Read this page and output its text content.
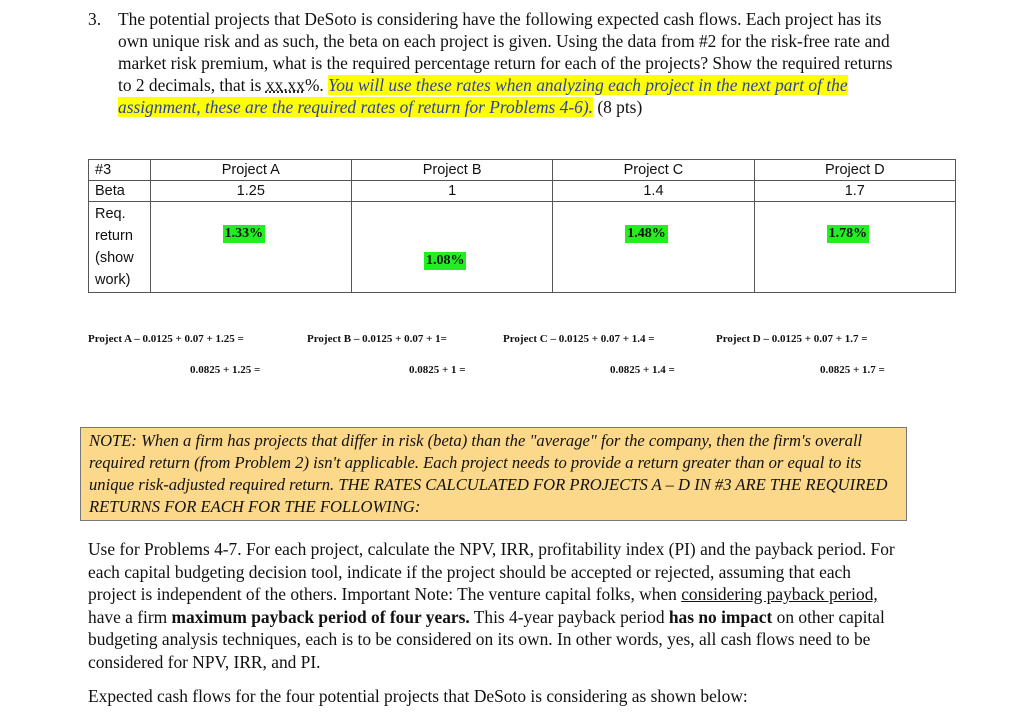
3. The potential projects that DeSoto is considering have the following expected cash flows. Each project has its own unique risk and as such, the beta on each project is given. Using the data from #2 for the risk-free rate and market risk premium, what is the required percentage return for each of the projects? Show the required returns to 2 decimals, that is xx.xx%. You will use these rates when analyzing each project in the next part of the assignment, these are the required rates of return for Problems 4-6). (8 pts)
#3	Project A	Project B	Project C	Project D
Beta	1.25	1	1.4	1.7

Req.
return
(show
work)	1.33%	1.08%	1.48%	1.78%
Project A – 0.0125 + 0.07 + 1.25 =
0.0825 + 1.25 =
Project B – 0.0125 + 0.07 + 1=
0.0825 + 1 =
Project C – 0.0125 + 0.07 + 1.4 =
0.0825 + 1.4 =
Project D – 0.0125 + 0.07 + 1.7 =
0.0825 + 1.7 =
NOTE: When a firm has projects that differ in risk (beta) than the "average" for the company, then the firm's overall required return (from Problem 2) isn't applicable. Each project needs to provide a return greater than or equal to its unique risk-adjusted required return. THE RATES CALCULATED FOR PROJECTS A – D IN #3 ARE THE REQUIRED RETURNS FOR EACH FOR THE FOLLOWING:
Use for Problems 4-7. For each project, calculate the NPV, IRR, profitability index (PI) and the payback period. For each capital budgeting decision tool, indicate if the project should be accepted or rejected, assuming that each project is independent of the others. Important Note: The venture capital folks, when considering payback period, have a firm maximum payback period of four years. This 4-year payback period has no impact on other capital budgeting analysis techniques, each is to be considered on its own. In other words, yes, all cash flows need to be considered for NPV, IRR, and PI.
Expected cash flows for the four potential projects that DeSoto is considering as shown below:
